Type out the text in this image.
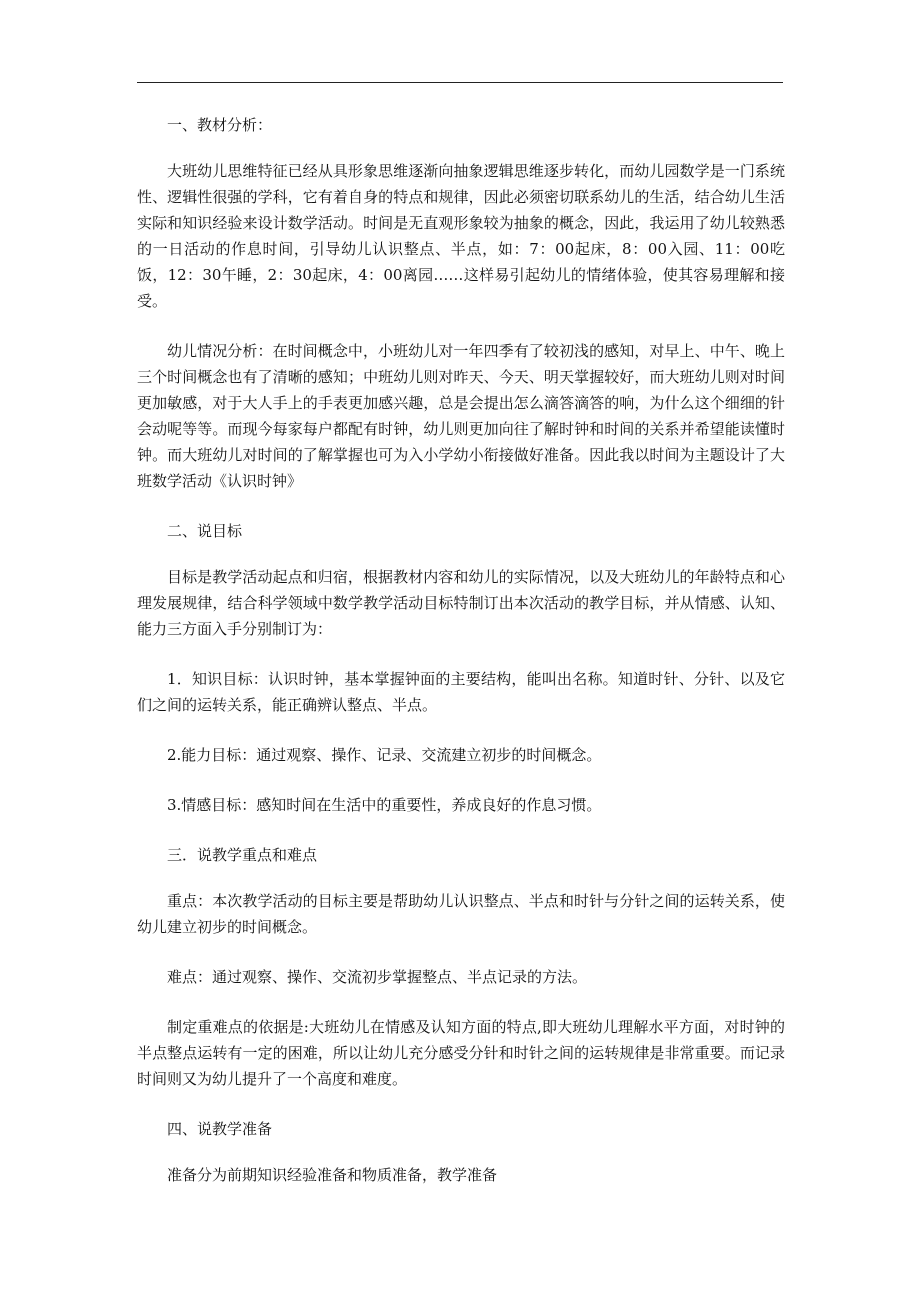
一、教材分析：

大班幼儿思维特征已经从具形象思维逐渐向抽象逻辑思维逐步转化，而幼儿园数学是一门系统性、逻辑性很强的学科，它有着自身的特点和规律，因此必须密切联系幼儿的生活，结合幼儿生活实际和知识经验来设计数学活动。时间是无直观形象较为抽象的概念，因此，我运用了幼儿较熟悉的一日活动的作息时间，引导幼儿认识整点、半点，如：7：00起床，8：00入园、11：00吃饭，12：30午睡，2：30起床，4：00离园……这样易引起幼儿的情绪体验，使其容易理解和接受。

幼儿情况分析：在时间概念中，小班幼儿对一年四季有了较初浅的感知，对早上、中午、晚上三个时间概念也有了清晰的感知；中班幼儿则对昨天、今天、明天掌握较好，而大班幼儿则对时间更加敏感，对于大人手上的手表更加感兴趣，总是会提出怎么滴答滴答的响，为什么这个细细的针会动呢等等。而现今每家每户都配有时钟，幼儿则更加向往了解时钟和时间的关系并希望能读懂时钟。而大班幼儿对时间的了解掌握也可为入小学幼小衔接做好准备。因此我以时间为主题设计了大班数学活动《认识时钟》

二、说目标

目标是教学活动起点和归宿，根据教材内容和幼儿的实际情况，以及大班幼儿的年龄特点和心理发展规律，结合科学领域中数学教学活动目标特制订出本次活动的教学目标，并从情感、认知、能力三方面入手分别制订为：

1．知识目标：认识时钟，基本掌握钟面的主要结构，能叫出名称。知道时针、分针、以及它们之间的运转关系，能正确辨认整点、半点。

2.能力目标：通过观察、操作、记录、交流建立初步的时间概念。

3.情感目标：感知时间在生活中的重要性，养成良好的作息习惯。

三．说教学重点和难点

重点：本次教学活动的目标主要是帮助幼儿认识整点、半点和时针与分针之间的运转关系，使幼儿建立初步的时间概念。

难点：通过观察、操作、交流初步掌握整点、半点记录的方法。

制定重难点的依据是:大班幼儿在情感及认知方面的特点,即大班幼儿理解水平方面，对时钟的半点整点运转有一定的困难，所以让幼儿充分感受分针和时针之间的运转规律是非常重要。而记录时间则又为幼儿提升了一个高度和难度。

四、说教学准备

准备分为前期知识经验准备和物质准备，教学准备
